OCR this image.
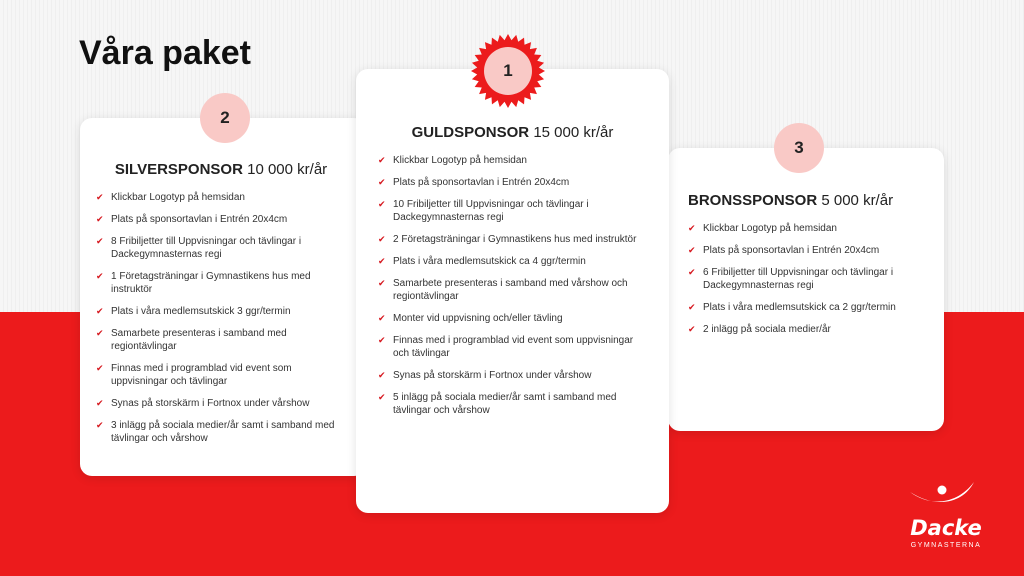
Våra paket
SILVERSPONSOR 10 000 kr/år
✔ Klickbar Logotyp på hemsidan
✔ Plats på sponsortavlan i Entrén 20x4cm
✔ 8 Fribiljetter till Uppvisningar och tävlingar i Dackegymnasternas regi
✔ 1 Företagsträningar i Gymnastikens hus med instruktör
✔ Plats i våra medlemsutskick 3 ggr/termin
✔ Samarbete presenteras i samband med regiontävlingar
✔ Finnas med i programblad vid event som uppvisningar och tävlingar
✔ Synas på storskärm i Fortnox under vårshow
✔ 3 inlägg på sociala medier/år samt i samband med tävlingar och vårshow
2
GULDSPONSOR 15 000 kr/år
✔ Klickbar Logotyp på hemsidan
✔ Plats på sponsortavlan i Entrén 20x4cm
✔ 10 Fribiljetter till Uppvisningar och tävlingar i Dackegymnasternas regi
✔ 2 Företagsträningar i Gymnastikens hus med instruktör
✔ Plats i våra medlemsutskick ca 4 ggr/termin
✔ Samarbete presenteras i samband med vårshow och regiontävlingar
✔ Monter vid uppvisning och/eller tävling
✔ Finnas med i programblad vid event som uppvisningar och tävlingar
✔ Synas på storskärm i Fortnox under vårshow
✔ 5 inlägg på sociala medier/år samt i samband med tävlingar och vårshow
1
BRONSSPONSOR 5 000 kr/år
✔ Klickbar Logotyp på hemsidan
✔ Plats på sponsortavlan i Entrén 20x4cm
✔ 6 Fribiljetter till Uppvisningar och tävlingar i Dackegymnasternas regi
✔ Plats i våra medlemsutskick ca 2 ggr/termin
✔ 2 inlägg på sociala medier/år
3
Dacke
GYMNASTERNA
